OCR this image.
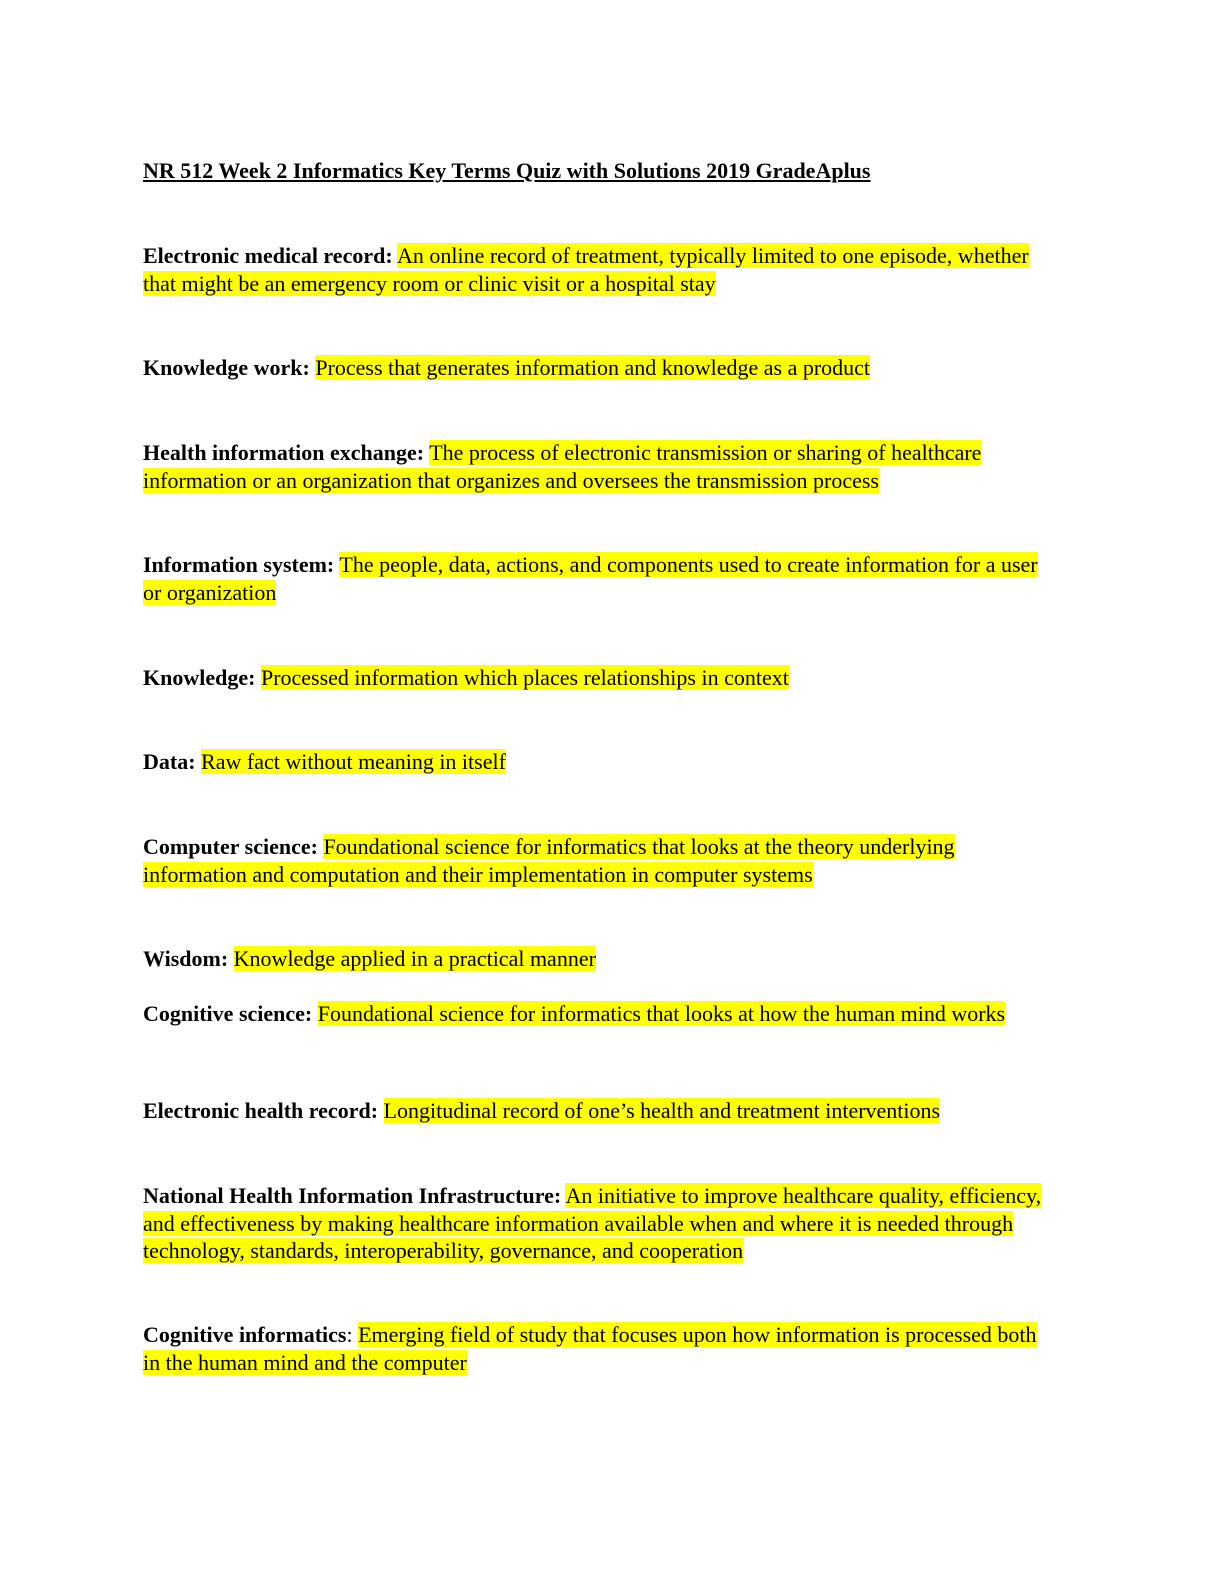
NR 512 Week 2 Informatics Key Terms Quiz with Solutions 2019 GradeAplus
Electronic medical record: An online record of treatment, typically limited to one episode, whether that might be an emergency room or clinic visit or a hospital stay
Knowledge work: Process that generates information and knowledge as a product
Health information exchange: The process of electronic transmission or sharing of healthcare information or an organization that organizes and oversees the transmission process
Information system: The people, data, actions, and components used to create information for a user or organization
Knowledge: Processed information which places relationships in context
Data: Raw fact without meaning in itself
Computer science: Foundational science for informatics that looks at the theory underlying information and computation and their implementation in computer systems
Wisdom: Knowledge applied in a practical manner
Cognitive science: Foundational science for informatics that looks at how the human mind works
Electronic health record: Longitudinal record of one’s health and treatment interventions
National Health Information Infrastructure: An initiative to improve healthcare quality, efficiency, and effectiveness by making healthcare information available when and where it is needed through technology, standards, interoperability, governance, and cooperation
Cognitive informatics: Emerging field of study that focuses upon how information is processed both in the human mind and the computer
